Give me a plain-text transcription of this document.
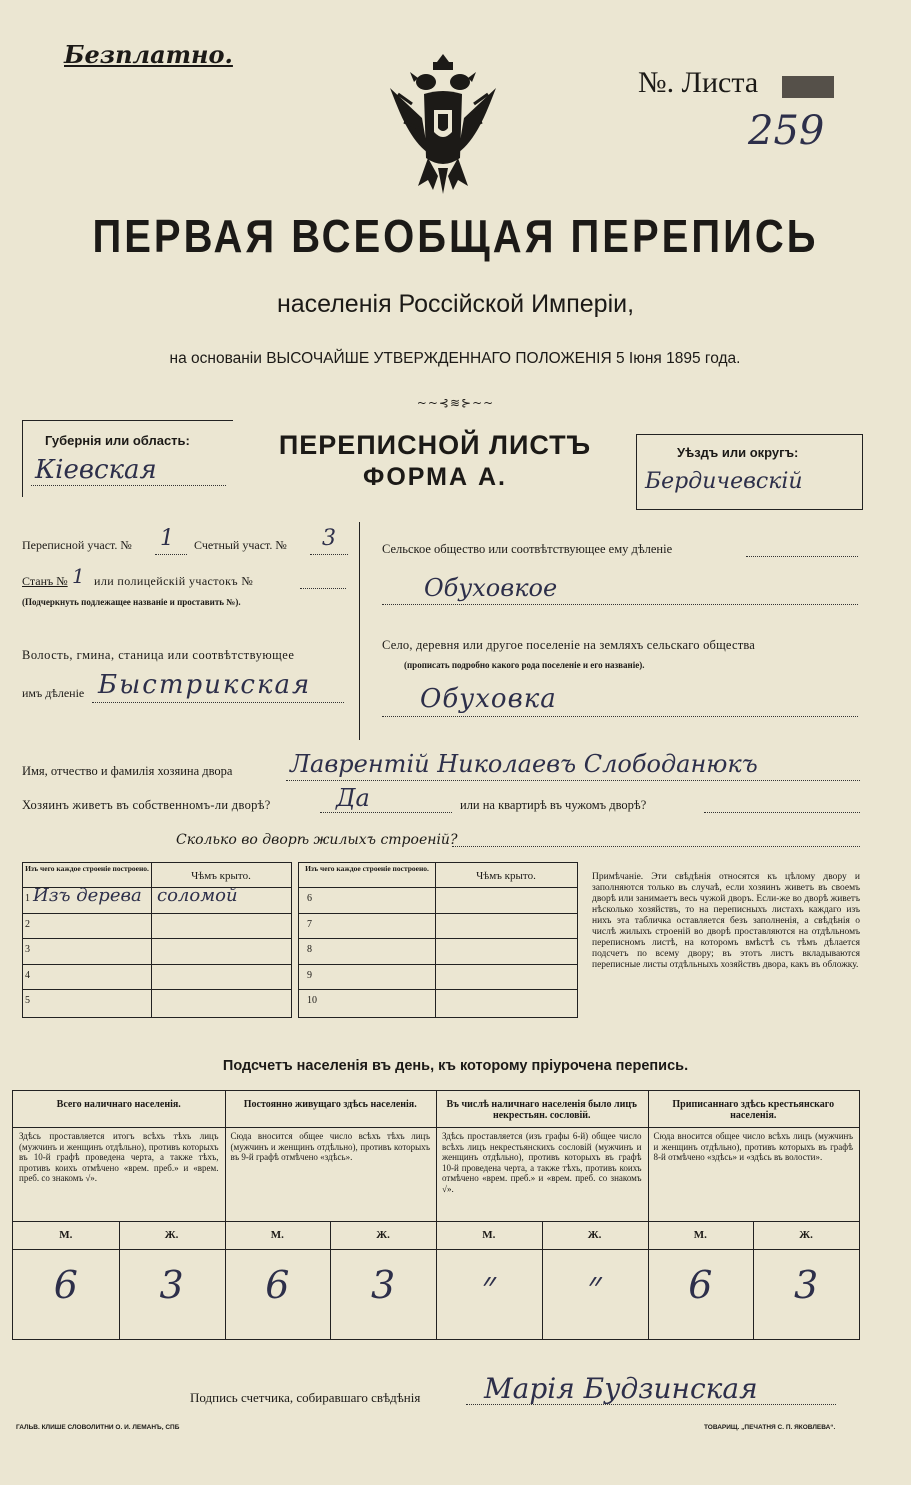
Безплатно.
№. Листа
259
ПЕРВАЯ ВСЕОБЩАЯ ПЕРЕПИСЬ
населенія Россійской Имперіи,
на основаніи ВЫСОЧАЙШЕ УТВЕРЖДЕННАГО ПОЛОЖЕНІЯ 5 Іюня 1895 года.
~~⊰≋⊱~~
Губернія или область:
Кіевская
ПЕРЕПИСНОЙ ЛИСТЪ
ФОРМА А.
Уѣздъ или округъ:
Бердичевскій
Переписной участ. № 1 Счетный участ. № 3
Станъ № 1 или полицейскій участокъ №
(Подчеркнуть подлежащее названіе и проставить №).
Волость, гмина, станица или соотвѣтствующее
имъ дѣленіе Быстрикская
Сельское общество или соотвѣтствующее ему дѣленіе
Обуховкое
Село, деревня или другое поселеніе на земляхъ сельскаго общества
(прописать подробно какого рода поселеніе и его названіе).
Обуховка
Имя, отчество и фамилія хозяина двора Лаврентій Николаевъ Слободанюкъ
Хозяинъ живетъ въ собственномъ-ли дворѣ?	Да	или на квартирѣ въ чужомъ дворѣ?
Сколько во дворѣ жилыхъ строеній?
Изъ чего каждое строеніе построено.
Чѣмъ крыто.
1 Изъ дерева соломой
2
3
4
5
Изъ чего каждое строеніе построено.
Чѣмъ крыто.
6
7
8
9
10
Примѣчаніе. Эти свѣдѣнія относятся къ цѣлому двору и заполняются только въ случаѣ, если хозяинъ живетъ въ своемъ дворѣ или занимаетъ весь чужой дворъ. Если-же во дворѣ живетъ нѣсколько хозяйствъ, то на переписныхъ листахъ каждаго изъ нихъ эта табличка оставляется безъ заполненія, а свѣдѣнія о числѣ жилыхъ строеній во дворѣ проставляются на отдѣльномъ переписномъ листѣ, на которомъ вмѣстѣ съ тѣмъ дѣлается подсчетъ по всему двору; въ этотъ листъ вкладываются переписные листы отдѣльныхъ хозяйствъ двора, какъ въ обложку.
Подсчетъ населенія въ день, къ которому пріурочена перепись.
Всего наличнаго населенія.
Здѣсь проставляется итогъ всѣхъ тѣхъ лицъ (мужчинъ и женщинъ отдѣльно), противъ которыхъ въ 10-й графѣ проведена черта, а также тѣхъ, противъ коихъ отмѣчено «врем. преб.» и «врем. преб. со знакомъ √».
М.	Ж.
6	3
Постоянно живущаго здѣсь населенія.
Сюда вносится общее число всѣхъ тѣхъ лицъ (мужчинъ и женщинъ отдѣльно), противъ которыхъ въ 9-й графѣ отмѣчено «здѣсь».
М.	Ж.
6	3
Въ числѣ наличнаго населенія было лицъ некрестьян. сословій.
Здѣсь проставляется (изъ графы 6-й) общее число всѣхъ лицъ некрестьянскихъ сословій (мужчинъ и женщинъ отдѣльно), противъ которыхъ въ графѣ 10-й проведена черта, а также тѣхъ, противъ коихъ отмѣчено «врем. преб.» и «врем. преб. со знакомъ √».
М.	Ж.
״	״
Приписаннаго здѣсь крестьянскаго населенія.
Сюда вносится общее число всѣхъ лицъ (мужчинъ и женщинъ отдѣльно), противъ которыхъ въ графѣ 8-й отмѣчено «здѣсь» и «здѣсь въ волости».
М.	Ж.
6	3
Подпись счетчика, собиравшаго свѣдѣнія Марія Будзинская
ГАЛЬВ. КЛИШЕ СЛОВОЛИТНИ О. И. ЛЕМАНЪ, СПБ	ТОВАРИЩ. „ПЕЧАТНЯ С. П. ЯКОВЛЕВА“.
